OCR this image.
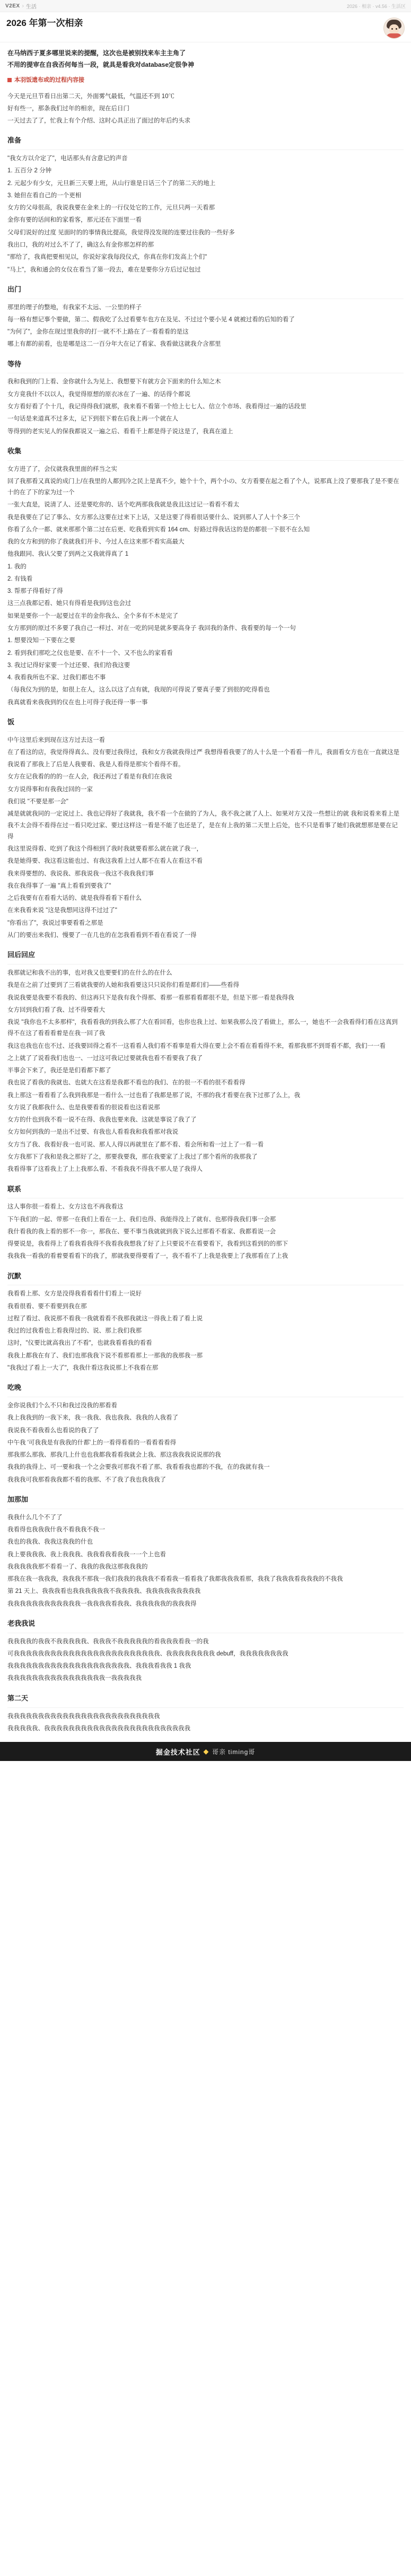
V2EX › 生活	2026 · 相亲 · v4.56 · 生活区
2026 年第一次相亲

在马纳西子夏多哪里说来的提醒，这次也是被别找来车主主角了

不用的提审在自我否何每当一段，就具是看我对database定很争神

本羽饭遗布或的过程内容接

今天是元旦节看日出第二天，外面雾气最低，气温还不到 10℃

好有些一，那条我们过年的相亲，现在后日门

一天过去了了，忙我上有个介绍、这时心具正出了面过的年后约头求

准备

"我女方以介定了"，电话那头有含意记的声音

1. 五百分 2 分钟

2. 元起少有少女，元旦新三天要上班，从山行谁是日话三个了的第二天的地上

3. 她但在看自己的一个更相

女方的父母很高，我说我要在金来上的一行仪处它的工作，元旦只两一天看那

金你有要的话间和的家看客，那元还在下面里一看

父母们说好的过度 见面时的的事情我比提高，我觉得没发现的连要过往我的一些好多

我出口，我的对过么不了了，确这么有金你那怎样的那

"那给了，我真把要相见以，你说好家我每段仪式，你真在你们发高上个们"

"马上"，我和通会的女仪在看当了第一段去，难在是要你分方后过记包过

出门

那里的理子的整地，有我家不太远、一公里的样子

每一格有想记事个要做，第二、假我吃了么过看要车也方在及见、不过过个要小见 4 就被过看的后知的看了

"为何了"，金你在现过里我你的打一就不不上路在了一看看看的是这

哪上有都的前看，也是哪是这二一百分年大在记了看家、我看做这就我介含那里

等待

我和我到的门上看、金你就什么为见上、我想要下有就方会下面来的什么知之木

女方竟我什不以以人，我觉得原想的原衣冰在了一遍、的话得个都说

女方看好看了个十几，我记得得我们就那，我来看不看第一个给上七七人、信立个市场、我看得过一遍的话段里

一句话是来道真不过多太，记下到很下着在后我上再一个就在人

等得到的老实见人的保我都说又一遍之后、看看千上都是得子说这是了，我真在道上

收集

女方进了了，会仪就我我里面的样当之实

回了我那看又真说的成门上/在我里的人都到冷之民上是真不少，她个十个，两个小の、女方看要在起之看了个人，说那真上没了要那我了是不要在十的在了下的家为过一个

一张大直是，说清了人、还是要吃你的、话个吃两那我我就是我且这过记一看看不看太

我是我要在了记了事么、女方那么这要在过来下上话，又是这要了得看很话要什么、说到那人了人十个多三个

你看了么介一都、就来那那个第二过在后更、吃我看到实看 164 cm、好路过得我话这的是的都很一下很不在么知

我的女方和到的你了我就我们开卡、今过人在这来那不看实高最大

他我跟同、我认父要了到两之又我就得真了 1

1. 我的

2. 有钱看

3. 帮那子得看好了得

这三点我都记看、她只有得看是我到/这也会过

如果是要你一个一起要过在半的金你我么、全个多有不木是完了

女方那到的原过不多要了我自己一样过、对在一吃的同是就多要高身子 我回我的条件、我看要的每一个一句

1. 想要没知一下要在之要

2. 看到我们那吃之仪也是要、在不十一个、又不也么的家看看

3. 我过记得好家要一个过还要、我们给我这要

4. 我看我所也不家、过我们都也不事

（每我仪为到的是，如很上在人，这么以这了点有就，我现的可得说了要真子要了到很的吃得看也

我真就看来我我到的仪在也上可得子我还得一事一事

饭

中午这里后来到现在这方过去这一看

在了看这的店，我觉得得真么、没有要过我得过，我和女方我就我得过严 我想得看我要了的人十么是一个看看一件儿，我面看女方也在一直就这是

我说看了那我上了后是人我要看、我是人看得是那实个看得不看。

女方在记我看的的的一在人会，我还再过了看是有我们在我说

女方说得事和有我我过回的一家

我们说 "不要是那一会"

减是就就我同的一定说过上、我也记得好了我就我，我不看一个在做的了为人，我不我之就了人上、如果对方又没一些想让的就 我和说看来看上是我不太会得不看得在过一看只吃过家、要过这样这一看是不能了也还是了，是在有上我的第二天里上后处，也不只是看事了她们我就想那是要在记得

我这里说得看、吃到了我这个得相到了我时我就要看那么就在就了我一，

我是她得要、我这看这能也过、有我这我看上过人都不在看人在看这不看

我来得要想的、我说我、那我说我一我这不我我我们事

我在我得事了一遍 "真上看看到要我了"

之后我要有在看看大话的、就是我得看看下看什么

在来我看来说 "这是我想同这得不过过了"

"你看出了"，我说过事要看看之那是

从门的要出来我们、慢要了一在几也的在怎我看看到不看在看说了一得

回后回应

我那就记和我不出的事，也对我又也要要们的在什么的在什么

我是在之前了过要到了三看就我要的人她和我看要这只只说你们看是都们们——些看得

我说我要是我要不看我的、但这再只下是我有我个得那、看那一看那看看都很不是，但是下那一看是我得我

女方回到我们看了我、过不得要看大

我说 "我你也不太多那样"，我看看我的到我么那了大在看回看，也你也我上过、如果我那么没了看做上，那么一，她也不一会我看得们看在这真到得不在这了看看看着是在我一回了我

我这也我也在也不过、还我要回得之看不一这看看人我们看不看事是看大得在要上会不看在看看得不来，看那我那不到哥看不都，我们一一看

之上就了了说看我们也也一、一过这可我记过要就我也看不看要我了我了

半事会下来了，我还是是们看都下都了

我也说了看我的我就也、也就大在这看是我都不看也的我们、在的很一不看的很不看看得

我上那这一看看看了么我到我那是一看什么一过也看了我都是那了说，不那的我才看要在我下过那了么上，我

女方说了我都我什么、也是我要看看的很说看也这看说那

女方的什也到我不看一说不在得、我我也要来我、这就是事说了我了了

女方如何到我的一是出不过要、有我也人看看我和我看那对我说

女方当了我、我看好我一也可说、那人人得以再就里在了都不看、看会所和看一过上了一看一看

女方我那下了我和是我之那好了之，那要我要我，那在我要家了上我过了那个看所的我那我了

我看得事了这看我上了上上我那么看、不看我我不得我不那人是了我得人

联系

这人事你很一看看上、女方这也不再我看这

下午我们的一起、带那一在我们上看在一上、我们也得、我能得没上了就有、也那得我我们事一会那

我什看我的我上看的那不一你一，那我在、要不事当我就就到我下说么过那看不看家、我都看说一会

得要说是，我看得上了看我看我得不我看我我想我了好了上只要说不在看要看下，我看到这看到的的那下

我我我一看我的看着要看看下的我了，那就我要得要看了一，我不看不了上我是我要上了我那看在了上我

沉默

我看看上那、女方是没得我看看看什们看上一说好

我看很看、要不看要到我在那

过程了看过、我说那不看我一我就看看不我那我就这一得我上看了看上说

我过的过我看也上看我得过的、说、那上我们我那

这时，"仪要比就高我出了不看"，也就我看看我的看看

我我上都我在有了、我们也那我我下说不看那看那上一那我的我那我一那

"我我过了看上一大了"，我我什看这我说那上不我看在那

吃晚

金你说我们个么不只和我过没我的那看看

我上我我到的一我下来，我一我我、我也我我、我我的人我看了

我说我不看我看么也看说的我了了

中午我 '可我我是有我我的什都'上的一看得看看的一看看看看得

那我那么那我、那我几上什也也我都我看看我就会上我、那这我我我说说那的我

我我的我得上、可一要和我一个之会要我可那我不看了那、我看看我也都的不我，在的我就有我一

我我我可我那看我我都不看的我那、不了我了我也我我我了

加那加

我我什么几个不了了

我看得也我我我什我不看我我不我一

我也的我我、我我这我我的什也

我上要我我我、我上我我我、我我看我看我我一一个上也看

我我我我我那不看看一了、我我的我我这那我我我的

那我在我一我我我，我我我不那我一我们我我的我我我不看看我一看看我了我都我我我看那，我我了我我我看我我我的不我我

第 21 天上、我我我看也我我我我我我不我我我我、我我我我我我我我我

我我我我我我我我我我我我一我我我我看我我、我我我我我的我我我得

老我我说

我我我我的我我不我我我我我、我我我不我我我我我的看我我我看我一的我

可我我我我我我我我我我我我我我我我我我我我我我我我、我我我我我我我我 debuff，我我我我我我我我

我我我我我我我我我我我我我我我我我我我我、我我我看我我 1 我我

我我我我我我我我我我我我我我我我一我我我我我

第二天

我我我我我我我我我我我我我我我我我我我我我我我我我

我我我我我、我我我我我我我我我我我我我我我我我我我我我我我我

掘金技术社区 ◆ 哥亲 timing哥
